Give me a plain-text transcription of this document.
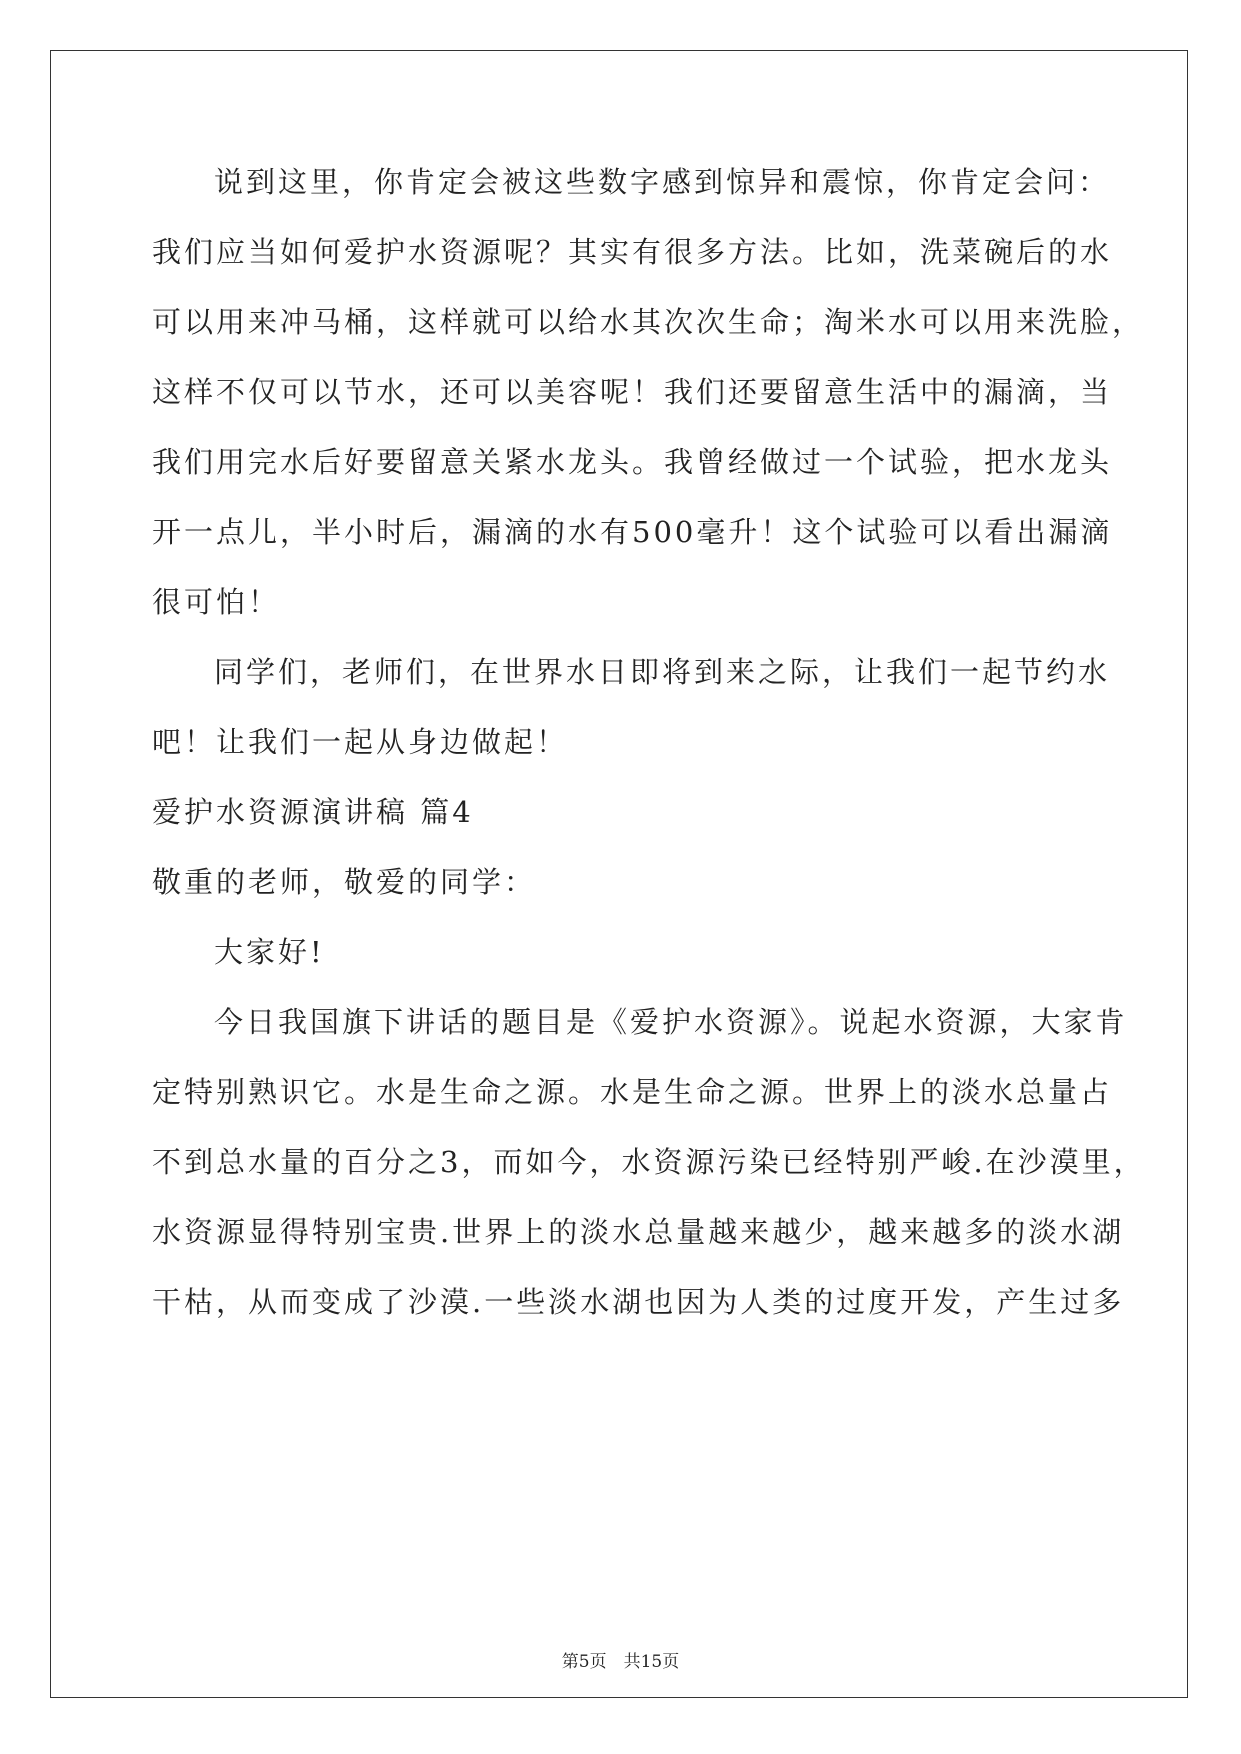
说到这里，你肯定会被这些数字感到惊异和震惊，你肯定会问：
我们应当如何爱护水资源呢？其实有很多方法。比如，洗菜碗后的水
可以用来冲马桶，这样就可以给水其次次生命；淘米水可以用来洗脸，
这样不仅可以节水，还可以美容呢！我们还要留意生活中的漏滴，当
我们用完水后好要留意关紧水龙头。我曾经做过一个试验，把水龙头
开一点儿，半小时后，漏滴的水有500毫升！这个试验可以看出漏滴
很可怕！
同学们，老师们，在世界水日即将到来之际，让我们一起节约水
吧！让我们一起从身边做起！
爱护水资源演讲稿 篇4
敬重的老师，敬爱的同学：
大家好!
今日我国旗下讲话的题目是《爱护水资源》。说起水资源，大家肯
定特别熟识它。水是生命之源。水是生命之源。世界上的淡水总量占
不到总水量的百分之3，而如今，水资源污染已经特别严峻.在沙漠里，
水资源显得特别宝贵.世界上的淡水总量越来越少，越来越多的淡水湖
干枯，从而变成了沙漠.一些淡水湖也因为人类的过度开发，产生过多
第5页　共15页
